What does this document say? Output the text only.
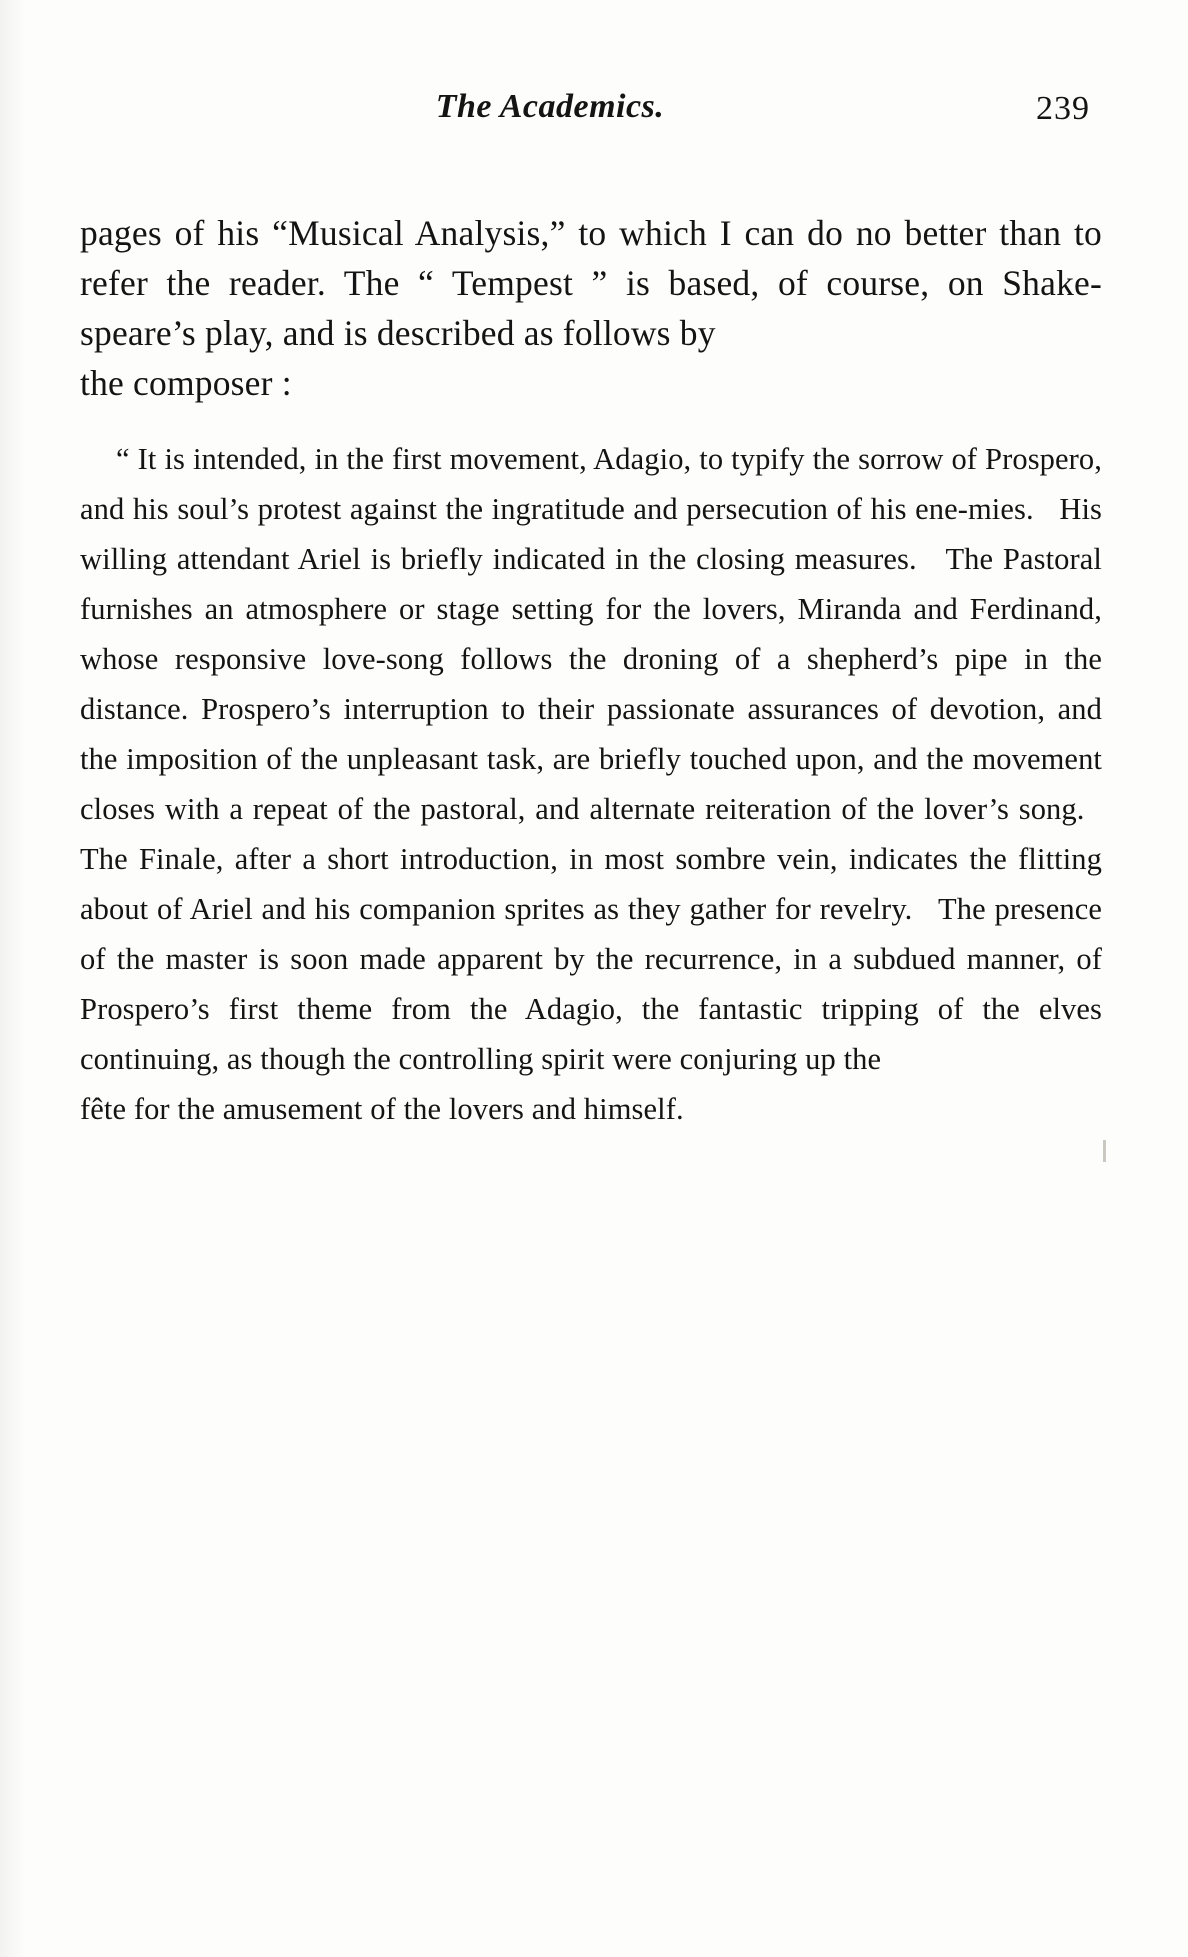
The Academics.	239

pages of his “Musical Analysis,” to which I can do no better than to refer the reader. The “ Tempest ” is based, of course, on Shake-speare’s play, and is described as follows by
the composer :

“ It is intended, in the first movement, Adagio, to typify the sorrow of Prospero, and his soul’s protest against the ingratitude and persecution of his ene-mies.   His willing attendant Ariel is briefly indicated in the closing measures.   The Pastoral furnishes an atmosphere or stage setting for the lovers, Miranda and Ferdinand, whose responsive love-song follows the droning of a shepherd’s pipe in the distance. Prospero’s interruption to their passionate assurances of devotion, and the imposition of the unpleasant task, are briefly touched upon, and the movement closes with a repeat of the pastoral, and alternate reiteration of the lover’s song.   The Finale, after a short introduction, in most sombre vein, indicates the flitting about of Ariel and his companion sprites as they gather for revelry.   The presence of the master is soon made apparent by the recurrence, in a subdued manner, of Prospero’s first theme from the Adagio, the fantastic tripping of the elves continuing, as though the controlling spirit were conjuring up the
fête for the amusement of the lovers and himself.
